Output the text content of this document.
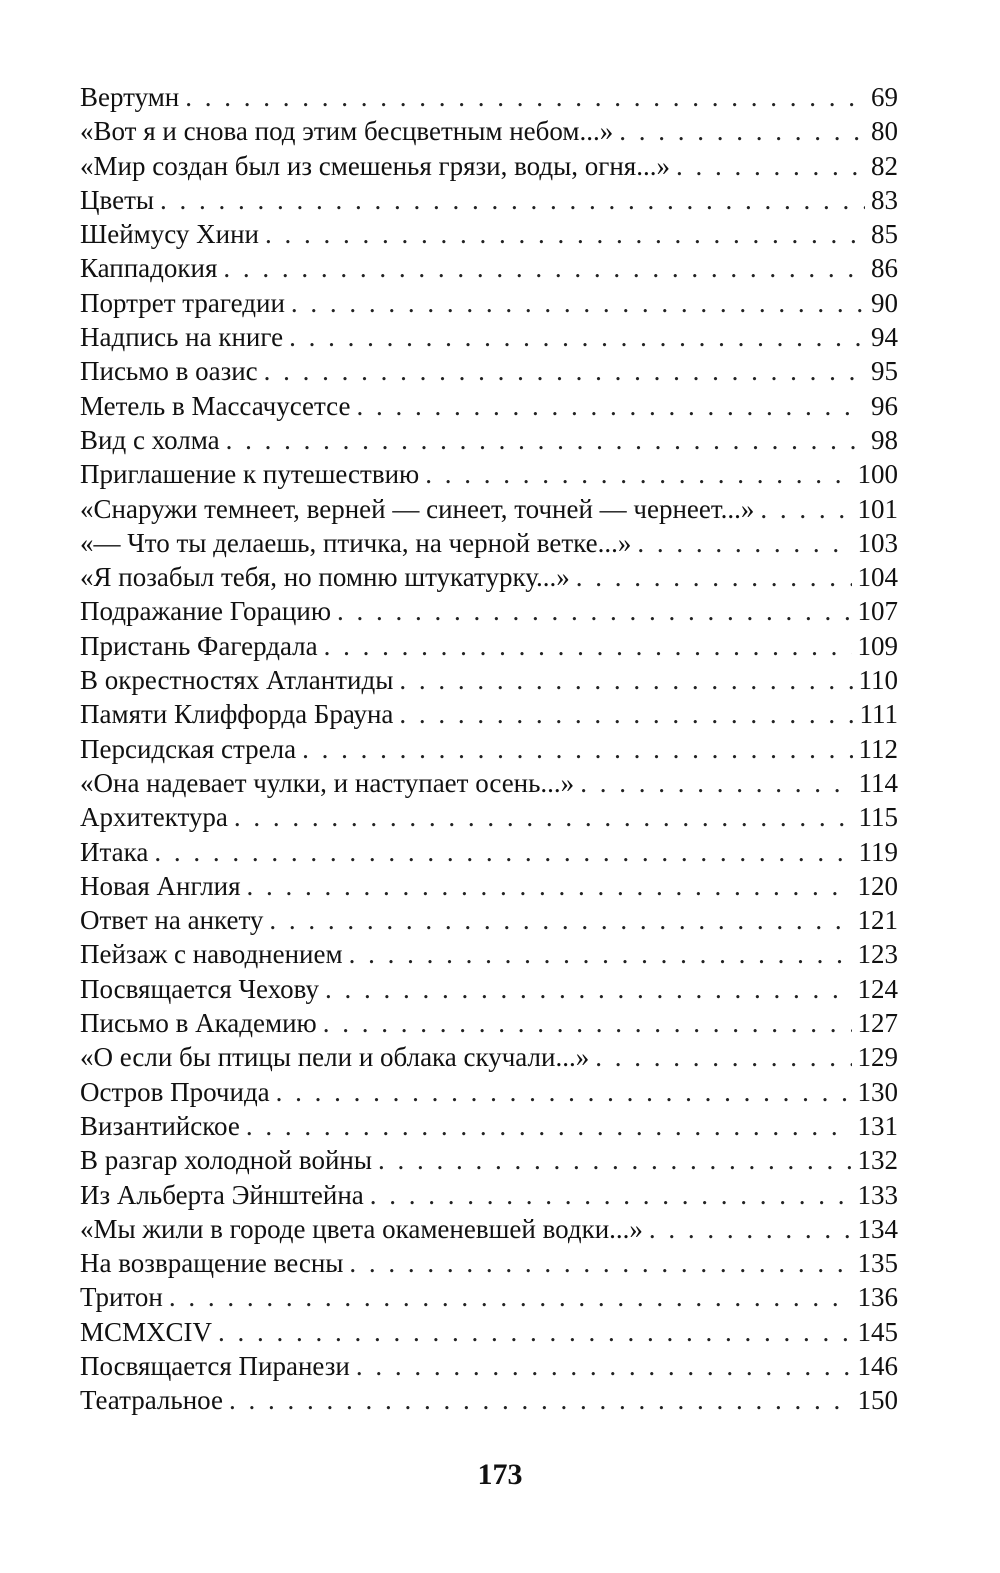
Вертумн . . .	69
«Вот я и снова под этим бесцветным небом...» . . .	80
«Мир создан был из смешенья грязи, воды, огня...» . . .	82
Цветы . . .	83
Шеймусу Хини . . .	85
Каппадокия . . .	86
Портрет трагедии . . .	90
Надпись на книге . . .	94
Письмо в оазис . . .	95
Метель в Массачусетсе . . .	96
Вид с холма . . .	98
Приглашение к путешествию . . .	100
«Снаружи темнеет, верней — синеет, точней — чернеет...» . . .	101
«— Что ты делаешь, птичка, на черной ветке...» . . .	103
«Я позабыл тебя, но помню штукатурку...» . . .	104
Подражание Горацию . . .	107
Пристань Фагердала . . .	109
В окрестностях Атлантиды . . .	110
Памяти Клиффорда Брауна . . .	111
Персидская стрела . . .	112
«Она надевает чулки, и наступает осень...» . . .	114
Архитектура . . .	115
Итака . . .	119
Новая Англия . . .	120
Ответ на анкету . . .	121
Пейзаж с наводнением . . .	123
Посвящается Чехову . . .	124
Письмо в Академию . . .	127
«О если бы птицы пели и облака скучали...» . . .	129
Остров Прочида . . .	130
Византийское . . .	131
В разгар холодной войны . . .	132
Из Альберта Эйнштейна . . .	133
«Мы жили в городе цвета окаменевшей водки...» . . .	134
На возвращение весны . . .	135
Тритон . . .	136
MCMXCIV . . .	145
Посвящается Пиранези . . .	146
Театральное . . .	150
173
